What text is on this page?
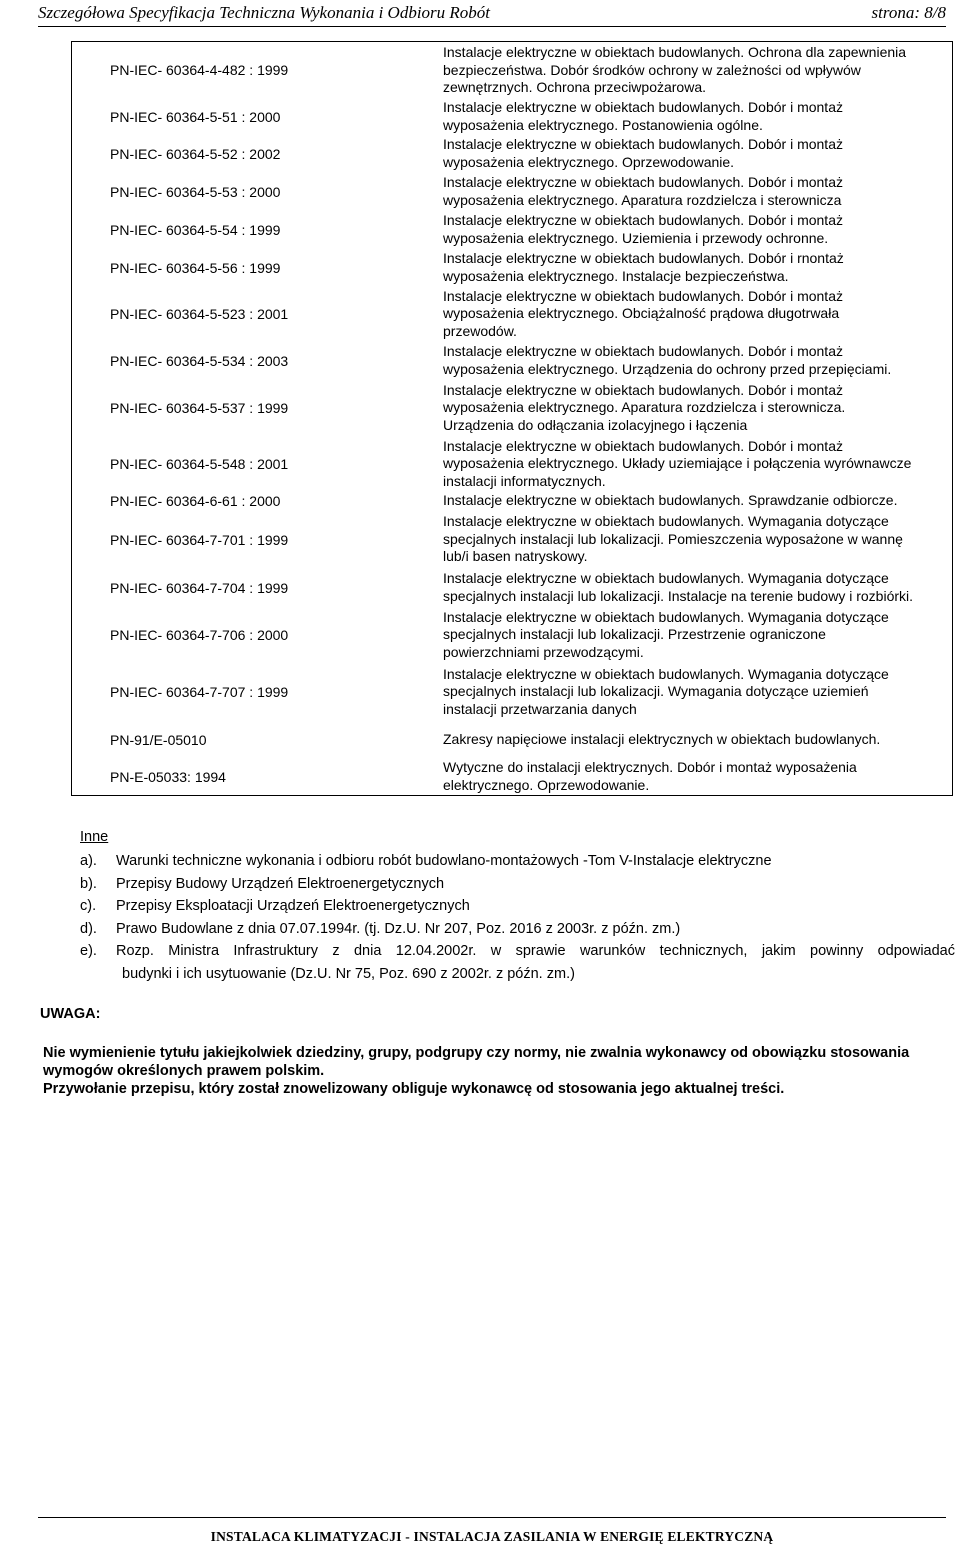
Szczegółowa Specyfikacja Techniczna Wykonania i Odbioru Robót	strona: 8/8
PN-IEC- 60364-4-482 : 1999	Instalacje elektryczne w obiektach budowlanych. Ochrona dla zapewnienia
bezpieczeństwa. Dobór środków ochrony w zależności od wpływów
zewnętrznych. Ochrona przeciwpożarowa.

PN-IEC- 60364-5-51 : 2000	Instalacje elektryczne w obiektach budowlanych. Dobór i montaż
wyposażenia elektrycznego. Postanowienia ogólne.

PN-IEC- 60364-5-52 : 2002	Instalacje elektryczne w obiektach budowlanych. Dobór i montaż
wyposażenia elektrycznego. Oprzewodowanie.

PN-IEC- 60364-5-53 : 2000	Instalacje elektryczne w obiektach budowlanych. Dobór i montaż
wyposażenia elektrycznego. Aparatura rozdzielcza i sterownicza

PN-IEC- 60364-5-54 : 1999	Instalacje elektryczne w obiektach budowlanych. Dobór i montaż
wyposażenia elektrycznego. Uziemienia i przewody ochronne.

PN-IEC- 60364-5-56 : 1999	Instalacje elektryczne w obiektach budowlanych. Dobór i rnontaż
wyposażenia elektrycznego. Instalacje bezpieczeństwa.

PN-IEC- 60364-5-523 : 2001	Instalacje elektryczne w obiektach budowlanych. Dobór i montaż
wyposażenia elektrycznego. Obciążalność prądowa długotrwała
przewodów.

PN-IEC- 60364-5-534 : 2003	Instalacje elektryczne w obiektach budowlanych. Dobór i montaż
wyposażenia elektrycznego. Urządzenia do ochrony przed przepięciami.

PN-IEC- 60364-5-537 : 1999	Instalacje elektryczne w obiektach budowlanych. Dobór i montaż
wyposażenia elektrycznego. Aparatura rozdzielcza i sterownicza.
Urządzenia do odłączania izolacyjnego i łączenia

PN-IEC- 60364-5-548 : 2001	Instalacje elektryczne w obiektach budowlanych. Dobór i montaż
wyposażenia elektrycznego. Układy uziemiające i połączenia wyrównawcze
instalacji informatycznych.

PN-IEC- 60364-6-61 : 2000	Instalacje elektryczne w obiektach budowlanych. Sprawdzanie odbiorcze.

PN-IEC- 60364-7-701 : 1999	Instalacje elektryczne w obiektach budowlanych. Wymagania dotyczące
specjalnych instalacji lub lokalizacji. Pomieszczenia wyposażone w wannę
lub/i basen natryskowy.

PN-IEC- 60364-7-704 : 1999	Instalacje elektryczne w obiektach budowlanych. Wymagania dotyczące
specjalnych instalacji lub lokalizacji. Instalacje na terenie budowy i rozbiórki.

PN-IEC- 60364-7-706 : 2000	Instalacje elektryczne w obiektach budowlanych. Wymagania dotyczące
specjalnych instalacji lub lokalizacji. Przestrzenie ograniczone
powierzchniami przewodzącymi.

PN-IEC- 60364-7-707 : 1999	Instalacje elektryczne w obiektach budowlanych. Wymagania dotyczące
specjalnych instalacji lub lokalizacji. Wymagania dotyczące uziemień
instalacji przetwarzania danych

PN-91/E-05010	Zakresy napięciowe instalacji elektrycznych w obiektach budowlanych.

PN-E-05033: 1994	Wytyczne do instalacji elektrycznych. Dobór i montaż wyposażenia
elektrycznego. Oprzewodowanie.
Inne
a).	Warunki techniczne wykonania i odbioru robót budowlano-montażowych -Tom V-Instalacje elektryczne
b).	Przepisy Budowy Urządzeń Elektroenergetycznych
c).	Przepisy Eksploatacji Urządzeń Elektroenergetycznych
d).	Prawo Budowlane z dnia 07.07.1994r. (tj. Dz.U. Nr 207, Poz. 2016 z 2003r. z późn. zm.)
e).	Rozp. Ministra Infrastruktury z dnia 12.04.2002r. w sprawie warunków technicznych, jakim powinny odpowiadać
budynki i ich usytuowanie (Dz.U. Nr 75, Poz. 690 z 2002r. z późn. zm.)
UWAGA:
Nie wymienienie tytułu jakiejkolwiek dziedziny, grupy, podgrupy czy normy, nie zwalnia wykonawcy od obowiązku stosowania wymogów określonych prawem polskim.
Przywołanie przepisu, który został znowelizowany obliguje wykonawcę od stosowania jego aktualnej treści.
INSTALACA KLIMATYZACJI - INSTALACJA ZASILANIA W ENERGIĘ ELEKTRYCZNĄ
